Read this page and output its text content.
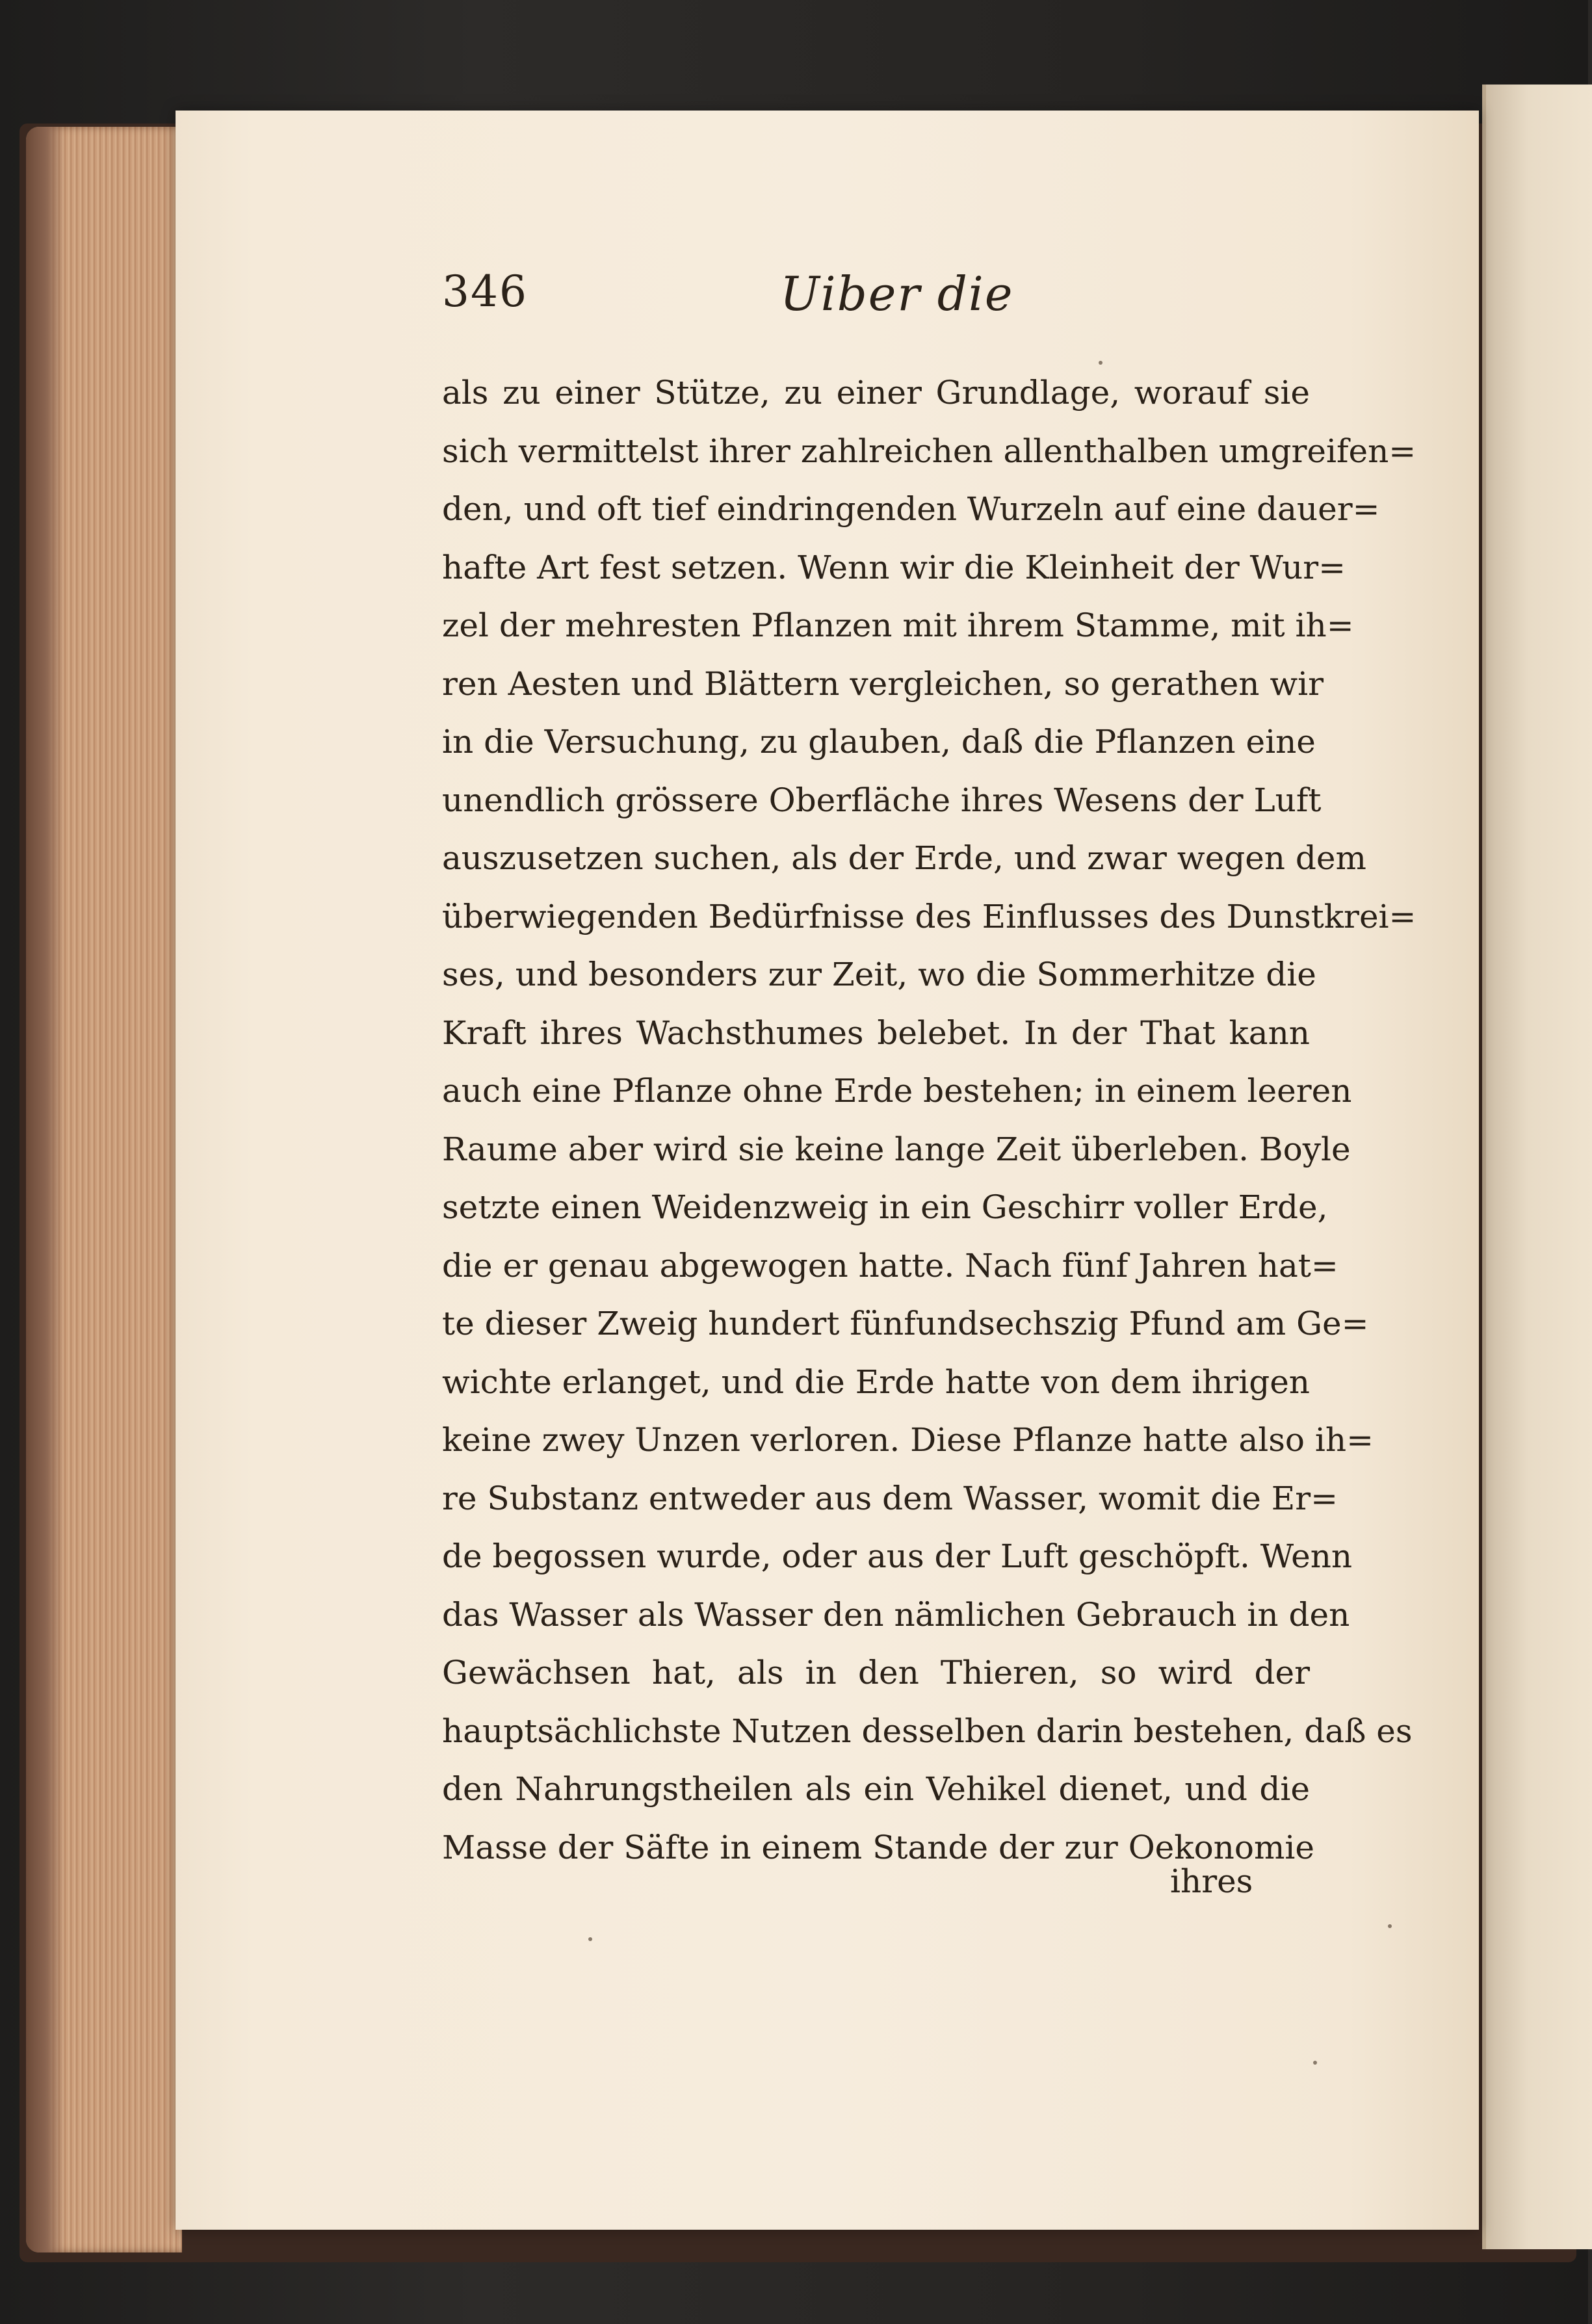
346	Uiber die
als zu einer Stütze, zu einer Grundlage, worauf sie
sich vermittelst ihrer zahlreichen allenthalben umgreifen=
den, und oft tief eindringenden Wurzeln auf eine dauer=
hafte Art fest setzen. Wenn wir die Kleinheit der Wur=
zel der mehresten Pflanzen mit ihrem Stamme, mit ih=
ren Aesten und Blättern vergleichen, so gerathen wir
in die Versuchung, zu glauben, daß die Pflanzen eine
unendlich grössere Oberfläche ihres Wesens der Luft
auszusetzen suchen, als der Erde, und zwar wegen dem
überwiegenden Bedürfnisse des Einflusses des Dunstkrei=
ses, und besonders zur Zeit, wo die Sommerhitze die
Kraft ihres Wachsthumes belebet. In der That kann
auch eine Pflanze ohne Erde bestehen; in einem leeren
Raume aber wird sie keine lange Zeit überleben. Boyle
setzte einen Weidenzweig in ein Geschirr voller Erde,
die er genau abgewogen hatte. Nach fünf Jahren hat=
te dieser Zweig hundert fünfundsechszig Pfund am Ge=
wichte erlanget, und die Erde hatte von dem ihrigen
keine zwey Unzen verloren. Diese Pflanze hatte also ih=
re Substanz entweder aus dem Wasser, womit die Er=
de begossen wurde, oder aus der Luft geschöpft. Wenn
das Wasser als Wasser den nämlichen Gebrauch in den
Gewächsen hat, als in den Thieren, so wird der
hauptsächlichste Nutzen desselben darin bestehen, daß es
den Nahrungstheilen als ein Vehikel dienet, und die
Masse der Säfte in einem Stande der zur Oekonomie
ihres
